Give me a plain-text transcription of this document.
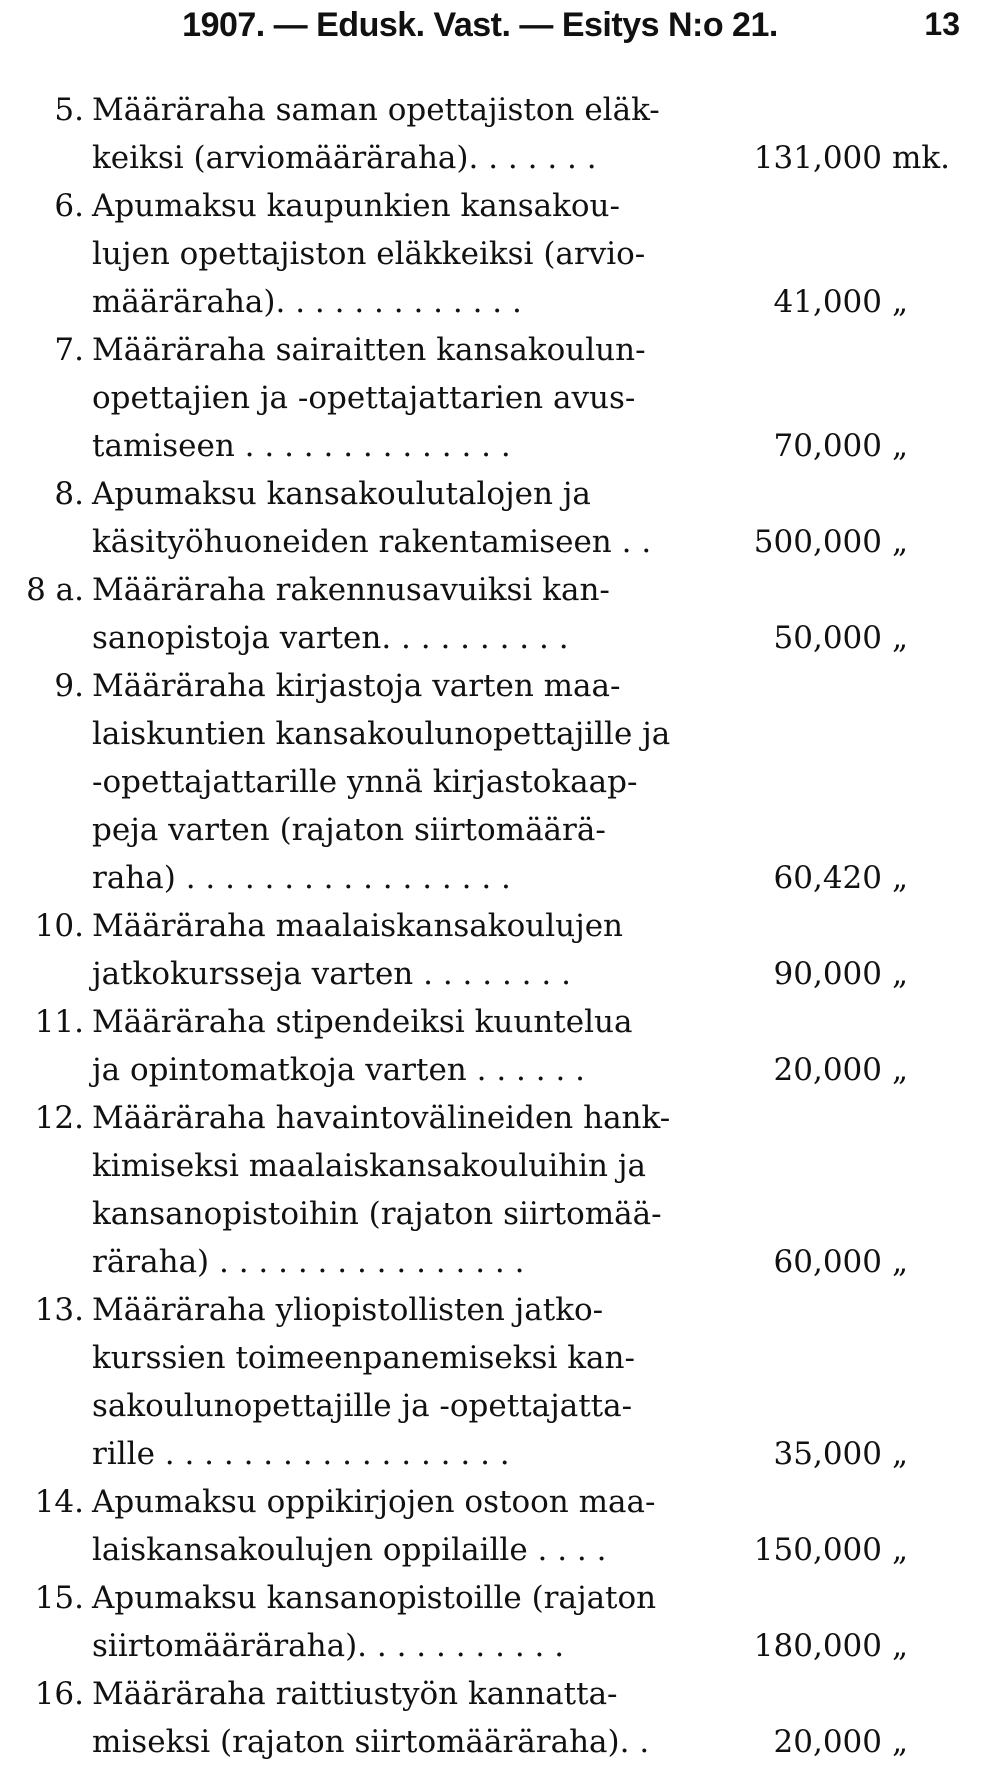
1907. — Edusk. Vast. — Esitys N:o 21.	13
5. Määräraha saman opettajiston eläk-
keiksi (arviomääräraha). . . . . . .	131,000 mk.
6. Apumaksu kaupunkien kansakou-
lujen opettajiston eläkkeiksi (arvio-
määräraha). . . . . . . . . . . . .	41,000 „
7. Määräraha sairaitten kansakoulun-
opettajien ja -opettajattarien avus-
tamiseen . . . . . . . . . . . . . .	70,000 „
8. Apumaksu kansakoulutalojen ja
käsityöhuoneiden rakentamiseen . .	500,000 „
8 a. Määräraha rakennusavuiksi kan-
sanopistoja varten. . . . . . . . . .	50,000 „
9. Määräraha kirjastoja varten maa-
laiskuntien kansakoulunopettajille ja
-opettajattarille ynnä kirjastokaap-
peja varten (rajaton siirtomäärä-
raha) . . . . . . . . . . . . . . . . .	60,420 „
10. Määräraha maalaiskansakoulujen
jatkokursseja varten . . . . . . . .	90,000 „
11. Määräraha stipendeiksi kuuntelua
ja opintomatkoja varten . . . . . .	20,000 „
12. Määräraha havaintovälineiden hank-
kimiseksi maalaiskansakouluihin ja
kansanopistoihin (rajaton siirtomää-
räraha) . . . . . . . . . . . . . . . .	60,000 „
13. Määräraha yliopistollisten jatko-
kurssien toimeenpanemiseksi kan-
sakoulunopettajille ja -opettajatta-
rille . . . . . . . . . . . . . . . . . .	35,000 „
14. Apumaksu oppikirjojen ostoon maa-
laiskansakoulujen oppilaille . . . .	150,000 „
15. Apumaksu kansanopistoille (rajaton
siirtomääräraha). . . . . . . . . . .	180,000 „
16. Määräraha raittiustyön kannatta-
miseksi (rajaton siirtomääräraha). .	20,000 „
